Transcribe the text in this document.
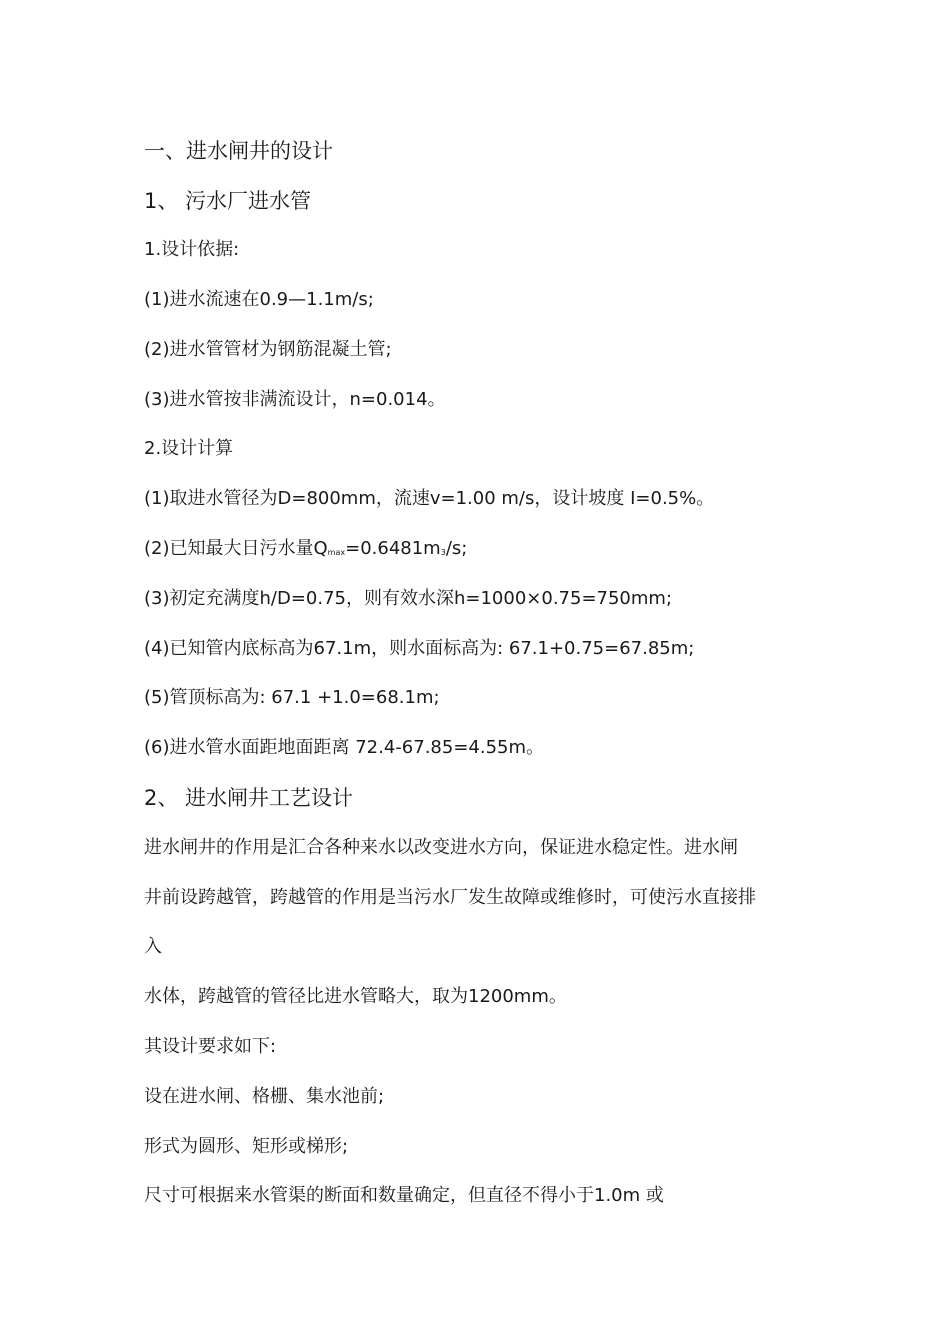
一、进水闸井的设计
1、 污水厂进水管
1.设计依据:
(1)进水流速在0.9—1.1m/s;
(2)进水管管材为钢筋混凝土管;
(3)进水管按非满流设计，n=0.014。
2.设计计算
(1)取进水管径为D=800mm，流速v=1.00 m/s，设计坡度 I=0.5%。
(2)已知最大日污水量Qmax=0.6481m3/s;
(3)初定充满度h/D=0.75，则有效水深h=1000×0.75=750mm;
(4)已知管内底标高为67.1m，则水面标高为: 67.1+0.75=67.85m;
(5)管顶标高为: 67.1 +1.0=68.1m;
(6)进水管水面距地面距离 72.4-67.85=4.55m。
2、 进水闸井工艺设计
进水闸井的作用是汇合各种来水以改变进水方向，保证进水稳定性。进水闸
井前设跨越管，跨越管的作用是当污水厂发生故障或维修时，可使污水直接排
入
水体，跨越管的管径比进水管略大，取为1200mm。
其设计要求如下:
设在进水闸、格栅、集水池前;
形式为圆形、矩形或梯形;
尺寸可根据来水管渠的断面和数量确定，但直径不得小于1.0m 或
